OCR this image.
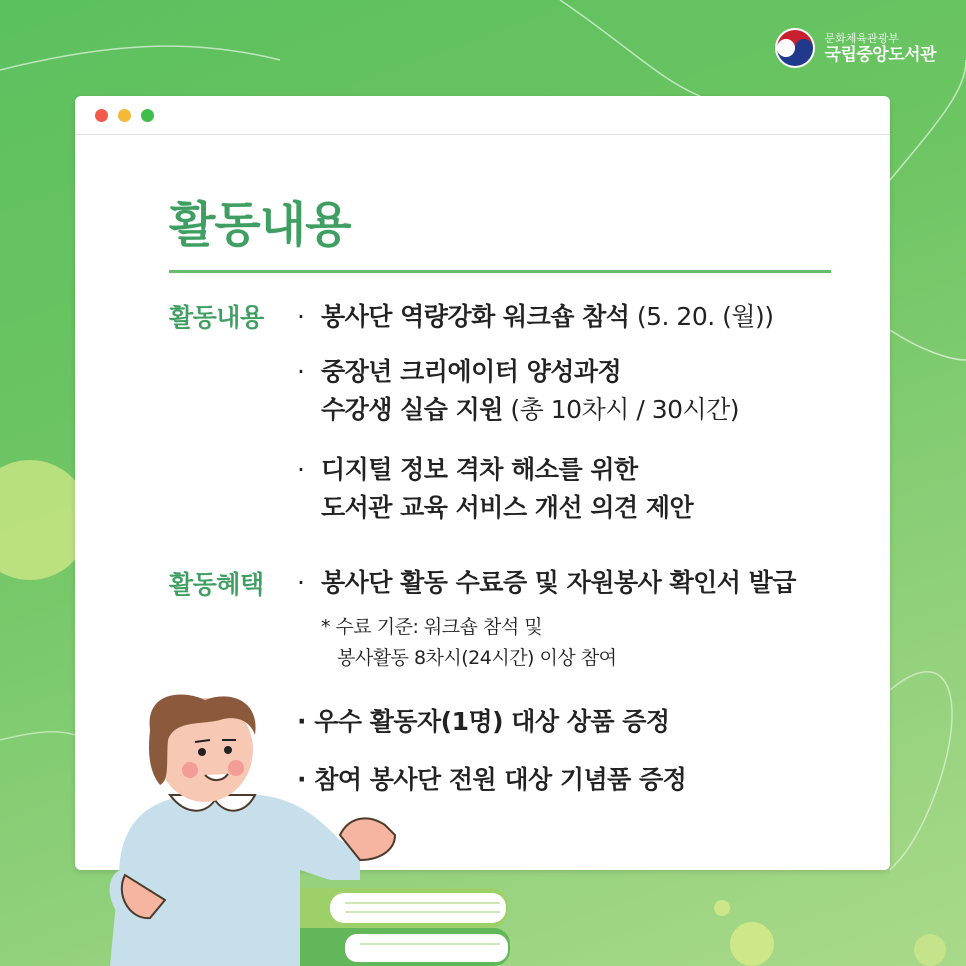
문화체육관광부
국립중앙도서관
활동내용
활동내용 · 봉사단 역량강화 워크숍 참석 (5. 20. (월))
· 중장년 크리에이터 양성과정
수강생 실습 지원 (총 10차시 / 30시간)
· 디지털 정보 격차 해소를 위한
도서관 교육 서비스 개선 의견 제안
활동혜택 · 봉사단 활동 수료증 및 자원봉사 확인서 발급
* 수료 기준: 워크숍 참석 및
봉사활동 8차시(24시간) 이상 참여
· 우수 활동자(1명) 대상 상품 증정
· 참여 봉사단 전원 대상 기념품 증정
